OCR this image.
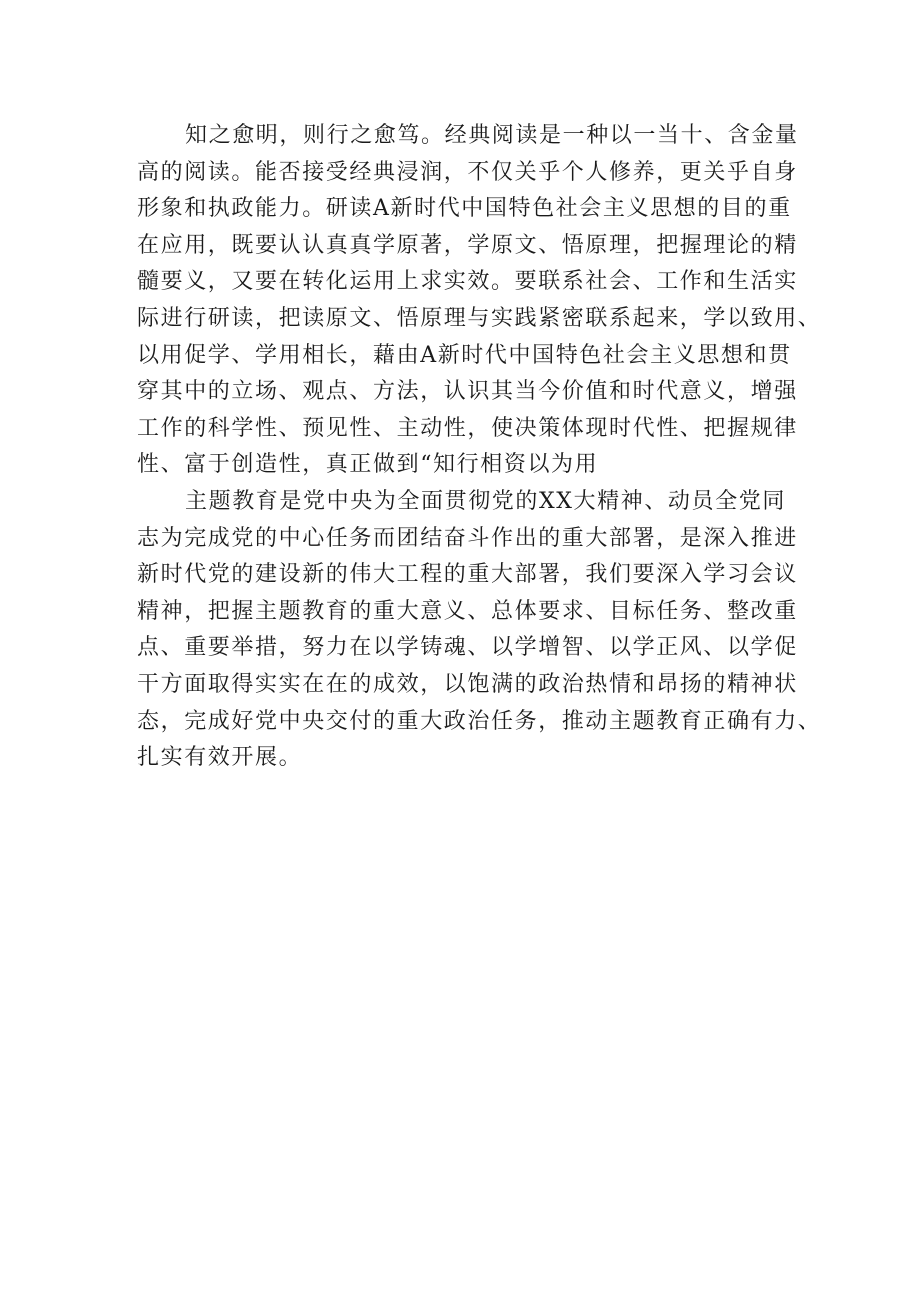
知之愈明，则行之愈笃。经典阅读是一种以一当十、含金量
高的阅读。能否接受经典浸润，不仅关乎个人修养，更关乎自身
形象和执政能力。研读A新时代中国特色社会主义思想的目的重
在应用，既要认认真真学原著，学原文、悟原理，把握理论的精
髓要义，又要在转化运用上求实效。要联系社会、工作和生活实
际进行研读，把读原文、悟原理与实践紧密联系起来，学以致用、
以用促学、学用相长，藉由A新时代中国特色社会主义思想和贯
穿其中的立场、观点、方法，认识其当今价值和时代意义，增强
工作的科学性、预见性、主动性，使决策体现时代性、把握规律
性、富于创造性，真正做到“知行相资以为用
主题教育是党中央为全面贯彻党的XX大精神、动员全党同
志为完成党的中心任务而团结奋斗作出的重大部署，是深入推进
新时代党的建设新的伟大工程的重大部署，我们要深入学习会议
精神，把握主题教育的重大意义、总体要求、目标任务、整改重
点、重要举措，努力在以学铸魂、以学增智、以学正风、以学促
干方面取得实实在在的成效，以饱满的政治热情和昂扬的精神状
态，完成好党中央交付的重大政治任务，推动主题教育正确有力、
扎实有效开展。
